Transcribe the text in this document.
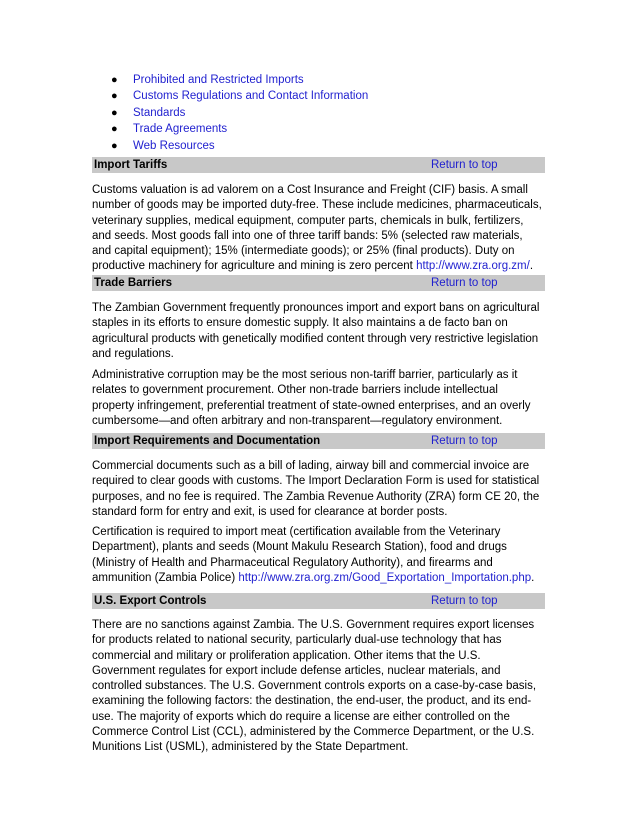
● Prohibited and Restricted Imports
● Customs Regulations and Contact Information
● Standards
● Trade Agreements
● Web Resources
Import Tariffs	Return to top

Customs valuation is ad valorem on a Cost Insurance and Freight (CIF) basis. A small
number of goods may be imported duty-free. These include medicines, pharmaceuticals,
veterinary supplies, medical equipment, computer parts, chemicals in bulk, fertilizers,
and seeds. Most goods fall into one of three tariff bands: 5% (selected raw materials,
and capital equipment); 15% (intermediate goods); or 25% (final products). Duty on
productive machinery for agriculture and mining is zero percent http://www.zra.org.zm/.

Trade Barriers	Return to top

The Zambian Government frequently pronounces import and export bans on agricultural
staples in its efforts to ensure domestic supply. It also maintains a de facto ban on
agricultural products with genetically modified content through very restrictive legislation
and regulations.

Administrative corruption may be the most serious non-tariff barrier, particularly as it
relates to government procurement. Other non-trade barriers include intellectual
property infringement, preferential treatment of state-owned enterprises, and an overly
cumbersome—and often arbitrary and non-transparent—regulatory environment.

Import Requirements and Documentation	Return to top

Commercial documents such as a bill of lading, airway bill and commercial invoice are
required to clear goods with customs. The Import Declaration Form is used for statistical
purposes, and no fee is required. The Zambia Revenue Authority (ZRA) form CE 20, the
standard form for entry and exit, is used for clearance at border posts.

Certification is required to import meat (certification available from the Veterinary
Department), plants and seeds (Mount Makulu Research Station), food and drugs
(Ministry of Health and Pharmaceutical Regulatory Authority), and firearms and
ammunition (Zambia Police) http://www.zra.org.zm/Good_Exportation_Importation.php.

U.S. Export Controls	Return to top

There are no sanctions against Zambia. The U.S. Government requires export licenses
for products related to national security, particularly dual-use technology that has
commercial and military or proliferation application. Other items that the U.S.
Government regulates for export include defense articles, nuclear materials, and
controlled substances. The U.S. Government controls exports on a case-by-case basis,
examining the following factors: the destination, the end-user, the product, and its end-
use. The majority of exports which do require a license are either controlled on the
Commerce Control List (CCL), administered by the Commerce Department, or the U.S.
Munitions List (USML), administered by the State Department.
